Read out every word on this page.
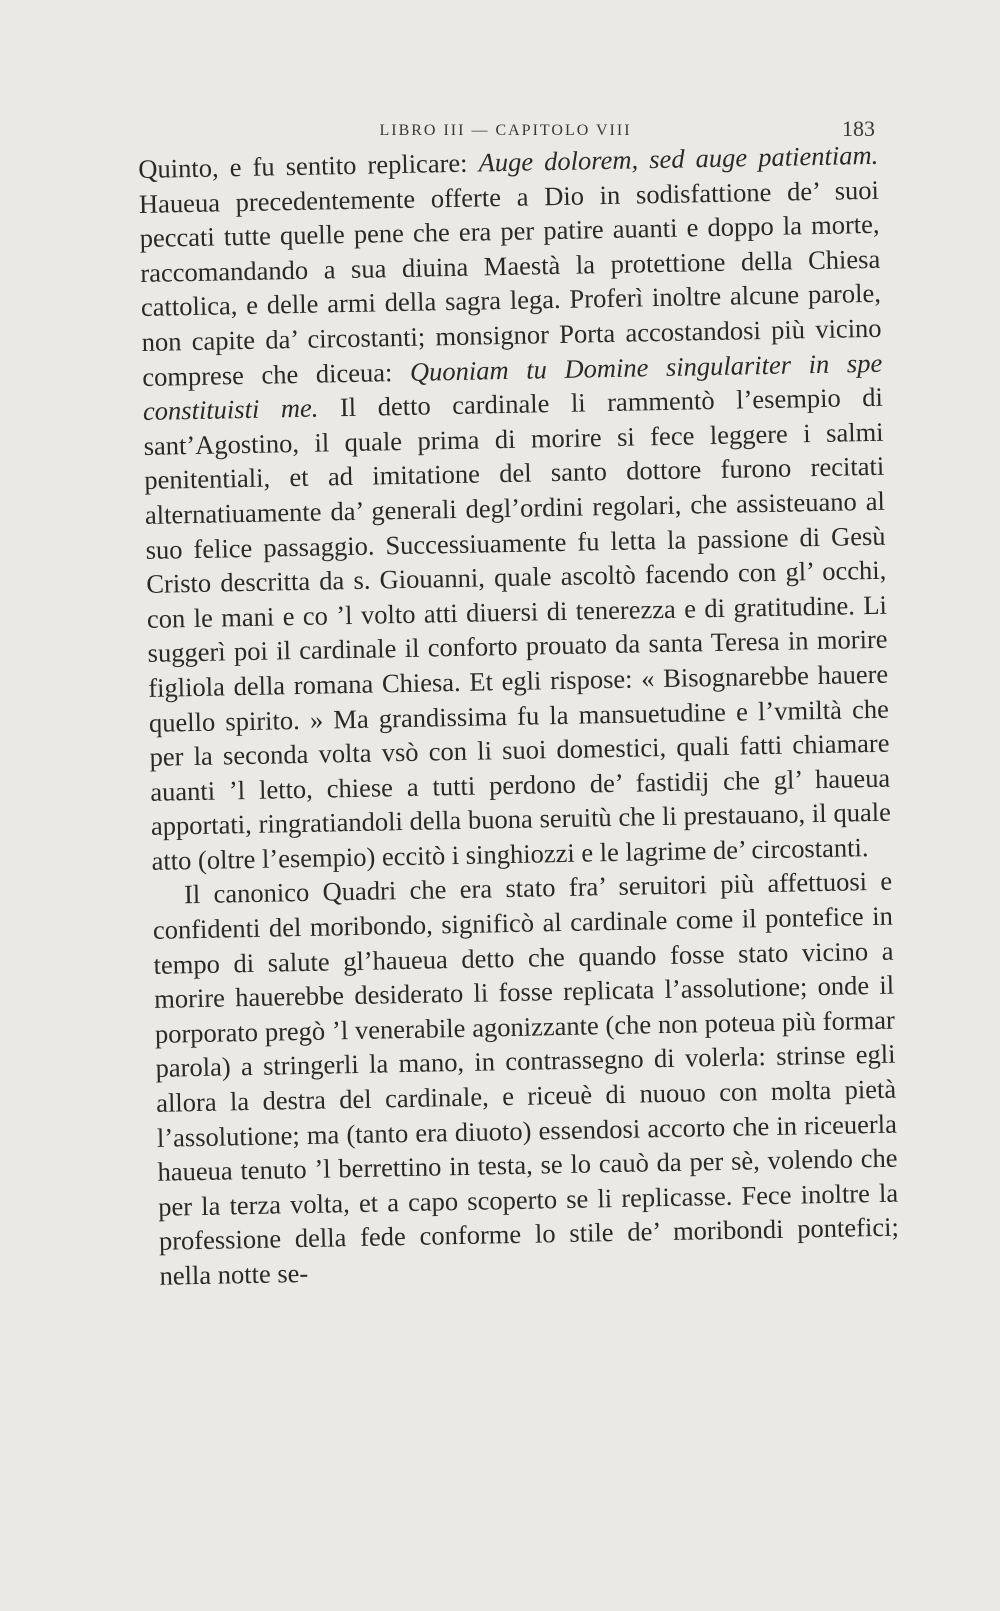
LIBRO III — CAPITOLO VIII	183

Quinto, e fu sentito replicare: Auge dolorem, sed auge patientiam. Haueua precedentemente offerte a Dio in sodisfattione de’ suoi peccati tutte quelle pene che era per patire auanti e doppo la morte, raccomandando a sua diuina Maestà la protettione della Chiesa cattolica, e delle armi della sagra lega. Proferì inoltre alcune parole, non capite da’ circostanti; monsignor Porta accostandosi più vicino comprese che diceua: Quoniam tu Domine singulariter in spe constituisti me. Il detto cardinale li rammentò l’esempio di sant’Agostino, il quale prima di morire si fece leggere i salmi penitentiali, et ad imitatione del santo dottore furono recitati alternatiuamente da’ generali degl’ordini regolari, che assisteuano al suo felice passaggio. Successiuamente fu letta la passione di Gesù Cristo descritta da s. Giouanni, quale ascoltò facendo con gl’ occhi, con le mani e co ’l volto atti diuersi di tenerezza e di gratitudine. Li suggerì poi il cardinale il conforto prouato da santa Teresa in morire figliola della romana Chiesa. Et egli rispose: « Bisognarebbe hauere quello spirito. » Ma grandissima fu la mansuetudine e l’vmiltà che per la seconda volta vsò con li suoi domestici, quali fatti chiamare auanti ’l letto, chiese a tutti perdono de’ fastidij che gl’ haueua apportati, ringratiandoli della buona seruitù che li prestauano, il quale atto (oltre l’esempio) eccitò i singhiozzi e le lagrime de’ circostanti.

Il canonico Quadri che era stato fra’ seruitori più affettuosi e confidenti del moribondo, significò al cardinale come il pontefice in tempo di salute gl’haueua detto che quando fosse stato vicino a morire hauerebbe desiderato li fosse replicata l’assolutione; onde il porporato pregò ’l venerabile agonizzante (che non poteua più formar parola) a stringerli la mano, in contrassegno di volerla: strinse egli allora la destra del cardinale, e riceuè di nuouo con molta pietà l’assolutione; ma (tanto era diuoto) essendosi accorto che in riceuerla haueua tenuto ’l berrettino in testa, se lo cauò da per sè, volendo che per la terza volta, et a capo scoperto se li replicasse. Fece inoltre la professione della fede conforme lo stile de’ moribondi pontefici; nella notte se-
